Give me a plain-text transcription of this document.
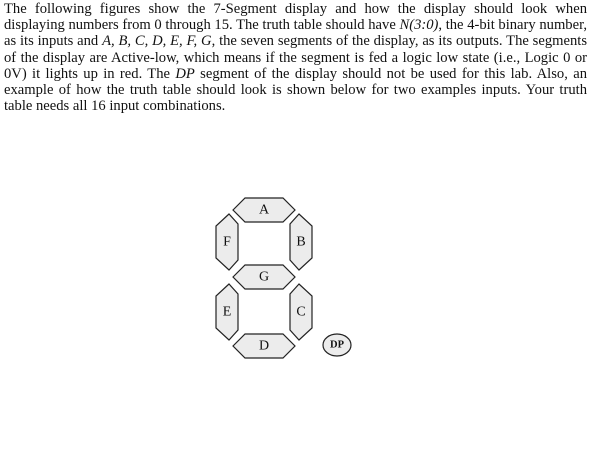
The following figures show the 7-Segment display and how the display should look when displaying numbers from 0 through 15. The truth table should have N(3:0), the 4-bit binary number, as its inputs and A, B, C, D, E, F, G, the seven segments of the display, as its outputs. The segments of the display are Active-low, which means if the segment is fed a logic low state (i.e., Logic 0 or 0V) it lights up in red. The DP segment of the display should not be used for this lab. Also, an example of how the truth table should look is shown below for two examples inputs. Your truth table needs all 16 input combinations.

A
F	B
G
E	C
D	DP
